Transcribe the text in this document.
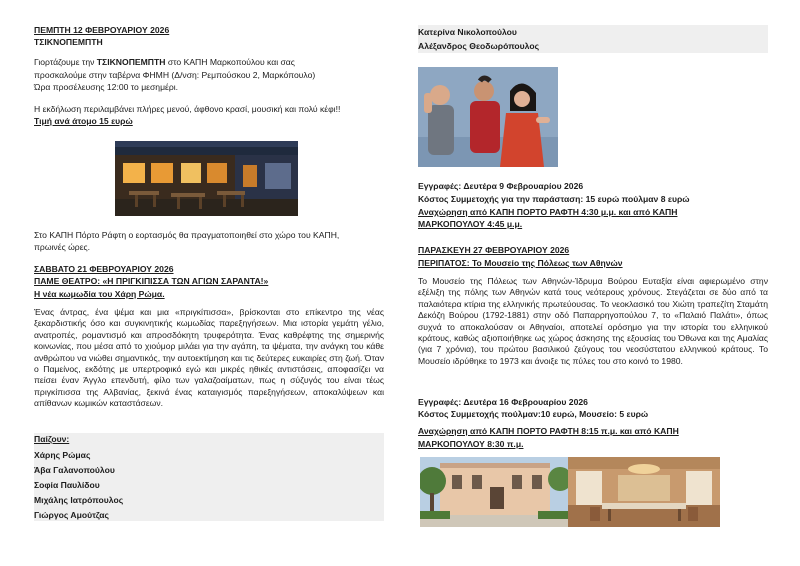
ΠΕΜΠΤΗ 12 ΦΕΒΡΟΥΑΡΙΟΥ 2026
ΤΣΙΚΝΟΠΕΜΠΤΗ
Γιορτάζουμε την ΤΣΙΚΝΟΠΕΜΠΤΗ στο ΚΑΠΗ Μαρκοπούλου και σας
προσκαλούμε στην ταβέρνα ΦΗΜΗ (Δ/νση: Ρεμπούσκου 2, Μαρκόπουλο)
Ώρα προσέλευσης 12:00 το μεσημέρι.
Η εκδήλωση περιλαμβάνει πλήρες μενού, άφθονο κρασί, μουσική και πολύ κέφι!!
Τιμή ανά άτομο 15 ευρώ
Στο ΚΑΠΗ Πόρτο Ράφτη ο εορτασμός θα πραγματοποιηθεί στο χώρο του ΚΑΠΗ,
πρωινές ώρες.
ΣΑΒΒΑΤΟ 21 ΦΕΒΡΟΥΑΡΙΟΥ 2026
ΠΑΜΕ ΘΕΑΤΡΟ: «Η ΠΡΙΓΚΙΠΙΣΣΑ ΤΩΝ ΑΓΙΩΝ ΣΑΡΑΝΤΑ!»
Η νέα κωμωδία του Χάρη Ρώμα.
Ένας άντρας, ένα ψέμα και μια «πριγκίπισσα», βρίσκονται στο επίκεντρο της νέας ξεκαρδιστικής όσο και συγκινητικής κωμωδίας παρεξηγήσεων. Μια ιστορία γεμάτη γέλιο, ανατροπές, ρομαντισμό και απροσδόκητη τρυφερότητα. Ένας καθρέφτης της σημερινής κοινωνίας, που μέσα από το χιούμορ μιλάει για την αγάπη, τα ψέματα, την ανάγκη του κάθε ανθρώπου να νιώθει σημαντικός, την αυτοεκτίμηση και τις δεύτερες ευκαιρίες στη ζωή. Όταν ο Παμείνος, εκδότης με υπερτροφικό εγώ και μικρές ηθικές αντιστάσεις, αποφασίζει να πείσει έναν Άγγλο επενδυτή, φίλο των γαλαζοαίματων, πως η σύζυγός του είναι τέως πριγκίπισσα της Αλβανίας, ξεκινά ένας καταιγισμός παρεξηγήσεων, αποκαλύψεων και απίθανων κωμικών καταστάσεων.
Παίζουν:
Χάρης Ρώμας
Άβα Γαλανοπούλου
Σοφία Παυλίδου
Μιχάλης Ιατρόπουλος
Γιώργος Αμούτζας
Κατερίνα Νικολοπούλου
Αλέξανδρος Θεοδωρόπουλος
Εγγραφές: Δευτέρα 9 Φεβρουαρίου 2026
Κόστος Συμμετοχής για την παράσταση: 15 ευρώ πούλμαν 8 ευρώ
Αναχώρηση από ΚΑΠΗ ΠΟΡΤΟ ΡΑΦΤΗ 4:30 μ.μ. και από ΚΑΠΗ
ΜΑΡΚΟΠΟΥΛΟΥ 4:45 μ.μ.
ΠΑΡΑΣΚΕΥΗ 27 ΦΕΒΡΟΥΑΡΙΟΥ 2026
ΠΕΡΙΠΑΤΟΣ: Το Μουσείο της Πόλεως των Αθηνών
Το Μουσείο της Πόλεως των Αθηνών-Ίδρυμα Βούρου Ευταξία είναι αφιερωμένο στην εξέλιξη της πόλης των Αθηνών κατά τους νεότερους χρόνους. Στεγάζεται σε δύο από τα παλαιότερα κτίρια της ελληνικής πρωτεύουσας. Το νεοκλασικό του Χιώτη τραπεζίτη Σταμάτη Δεκόζη Βούρου (1792-1881) στην οδό Παπαρρηγοπούλου 7, το «Παλαιό Παλάτι», όπως συχνά το αποκαλούσαν οι Αθηναίοι, αποτελεί ορόσημο για την ιστορία του ελληνικού κράτους, καθώς αξιοποιήθηκε ως χώρος άσκησης της εξουσίας του Όθωνα και της Αμαλίας (για 7 χρόνια), του πρώτου βασιλικού ζεύγους του νεοσύστατου ελληνικού κράτους. Το Μουσείο ιδρύθηκε το 1973 και άνοιξε τις πύλες του στο κοινό το 1980.
Εγγραφές: Δευτέρα 16 Φεβρουαρίου 2026
Κόστος Συμμετοχής πούλμαν:10 ευρώ, Μουσείο: 5 ευρώ
Αναχώρηση από ΚΑΠΗ ΠΟΡΤΟ ΡΑΦΤΗ 8:15 π.μ. και από ΚΑΠΗ
ΜΑΡΚΟΠΟΥΛΟΥ 8:30 π.μ.
